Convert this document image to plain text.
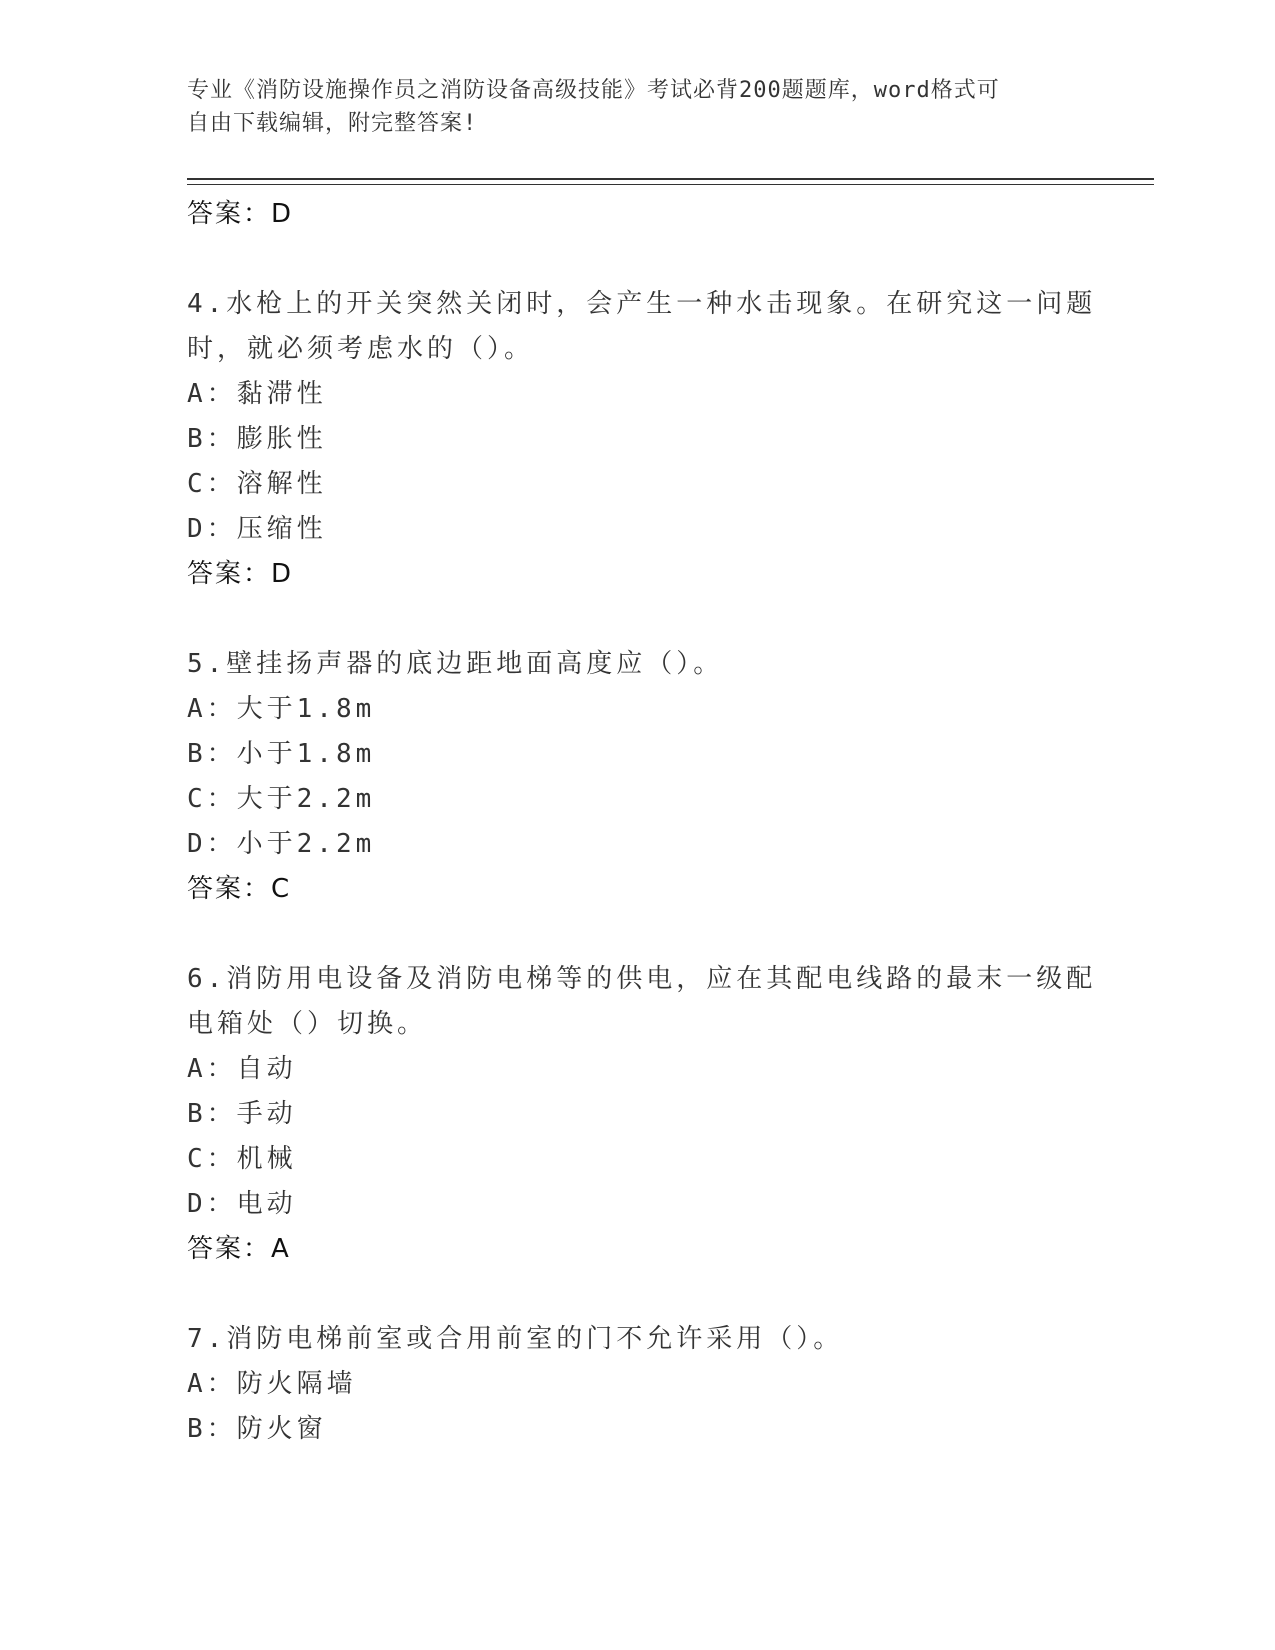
专业《消防设施操作员之消防设备高级技能》考试必背200题题库，word格式可
自由下载编辑，附完整答案!
答案：D
4.水枪上的开关突然关闭时，会产生一种水击现象。在研究这一问题
时，就必须考虑水的（）。
A：黏滞性
B：膨胀性
C：溶解性
D：压缩性
答案：D
5.壁挂扬声器的底边距地面高度应（）。
A：大于1.8m
B：小于1.8m
C：大于2.2m
D：小于2.2m
答案：C
6.消防用电设备及消防电梯等的供电，应在其配电线路的最末一级配
电箱处（）切换。
A：自动
B：手动
C：机械
D：电动
答案：A
7.消防电梯前室或合用前室的门不允许采用（）。
A：防火隔墙
B：防火窗
